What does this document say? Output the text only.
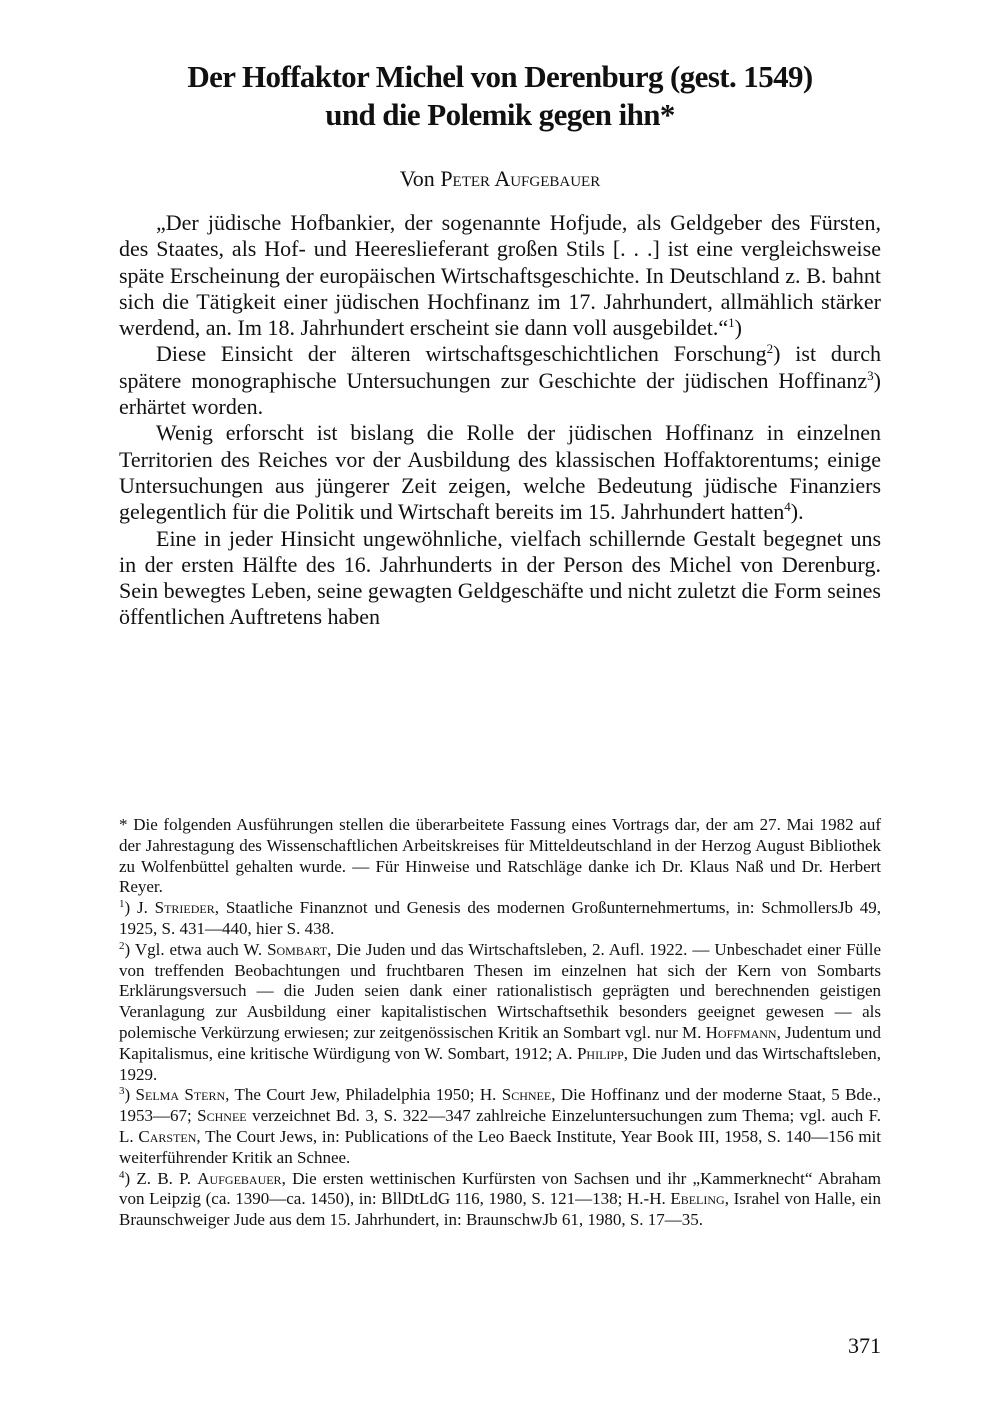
Der Hoffaktor Michel von Derenburg (gest. 1549)
und die Polemik gegen ihn*

Von Peter Aufgebauer

„Der jüdische Hofbankier, der sogenannte Hofjude, als Geldgeber des Fürsten, des Staates, als Hof- und Heereslieferant großen Stils [. . .] ist eine vergleichsweise späte Erscheinung der europäischen Wirtschaftsgeschichte. In Deutschland z. B. bahnt sich die Tätigkeit einer jüdischen Hochfinanz im 17. Jahrhundert, allmählich stärker werdend, an. Im 18. Jahrhundert erscheint sie dann voll ausgebildet.“$^1$)

Diese Einsicht der älteren wirtschaftsgeschichtlichen Forschung$^2$) ist durch spätere monographische Untersuchungen zur Geschichte der jüdischen Hoffinanz$^3$) erhärtet worden.

Wenig erforscht ist bislang die Rolle der jüdischen Hoffinanz in einzelnen Territorien des Reiches vor der Ausbildung des klassischen Hoffaktorentums; einige Untersuchungen aus jüngerer Zeit zeigen, welche Bedeutung jüdische Finanziers gelegentlich für die Politik und Wirtschaft bereits im 15. Jahrhundert hatten$^4$).

Eine in jeder Hinsicht ungewöhnliche, vielfach schillernde Gestalt begegnet uns in der ersten Hälfte des 16. Jahrhunderts in der Person des Michel von Derenburg. Sein bewegtes Leben, seine gewagten Geldgeschäfte und nicht zuletzt die Form seines öffentlichen Auftretens haben

* Die folgenden Ausführungen stellen die überarbeitete Fassung eines Vortrags dar, der am 27. Mai 1982 auf der Jahrestagung des Wissenschaftlichen Arbeitskreises für Mitteldeutschland in der Herzog August Bibliothek zu Wolfenbüttel gehalten wurde. — Für Hinweise und Ratschläge danke ich Dr. Klaus Naß und Dr. Herbert Reyer.

$^1$) J. Strieder, Staatliche Finanznot und Genesis des modernen Großunternehmertums, in: SchmollersJb 49, 1925, S. 431—440, hier S. 438.

$^2$) Vgl. etwa auch W. Sombart, Die Juden und das Wirtschaftsleben, 2. Aufl. 1922. — Unbeschadet einer Fülle von treffenden Beobachtungen und fruchtbaren Thesen im einzelnen hat sich der Kern von Sombarts Erklärungsversuch — die Juden seien dank einer rationalistisch geprägten und berechnenden geistigen Veranlagung zur Ausbildung einer kapitalistischen Wirtschaftsethik besonders geeignet gewesen — als polemische Verkürzung erwiesen; zur zeitgenössischen Kritik an Sombart vgl. nur M. Hoffmann, Judentum und Kapitalismus, eine kritische Würdigung von W. Sombart, 1912; A. Philipp, Die Juden und das Wirtschaftsleben, 1929.

$^3$) Selma Stern, The Court Jew, Philadelphia 1950; H. Schnee, Die Hoffinanz und der moderne Staat, 5 Bde., 1953—67; Schnee verzeichnet Bd. 3, S. 322—347 zahlreiche Einzeluntersuchungen zum Thema; vgl. auch F. L. Carsten, The Court Jews, in: Publications of the Leo Baeck Institute, Year Book III, 1958, S. 140—156 mit weiterführender Kritik an Schnee.

$^4$) Z. B. P. Aufgebauer, Die ersten wettinischen Kurfürsten von Sachsen und ihr „Kammerknecht“ Abraham von Leipzig (ca. 1390—ca. 1450), in: BllDtLdG 116, 1980, S. 121—138; H.-H. Ebeling, Israhel von Halle, ein Braunschweiger Jude aus dem 15. Jahrhundert, in: BraunschwJb 61, 1980, S. 17—35.

371
